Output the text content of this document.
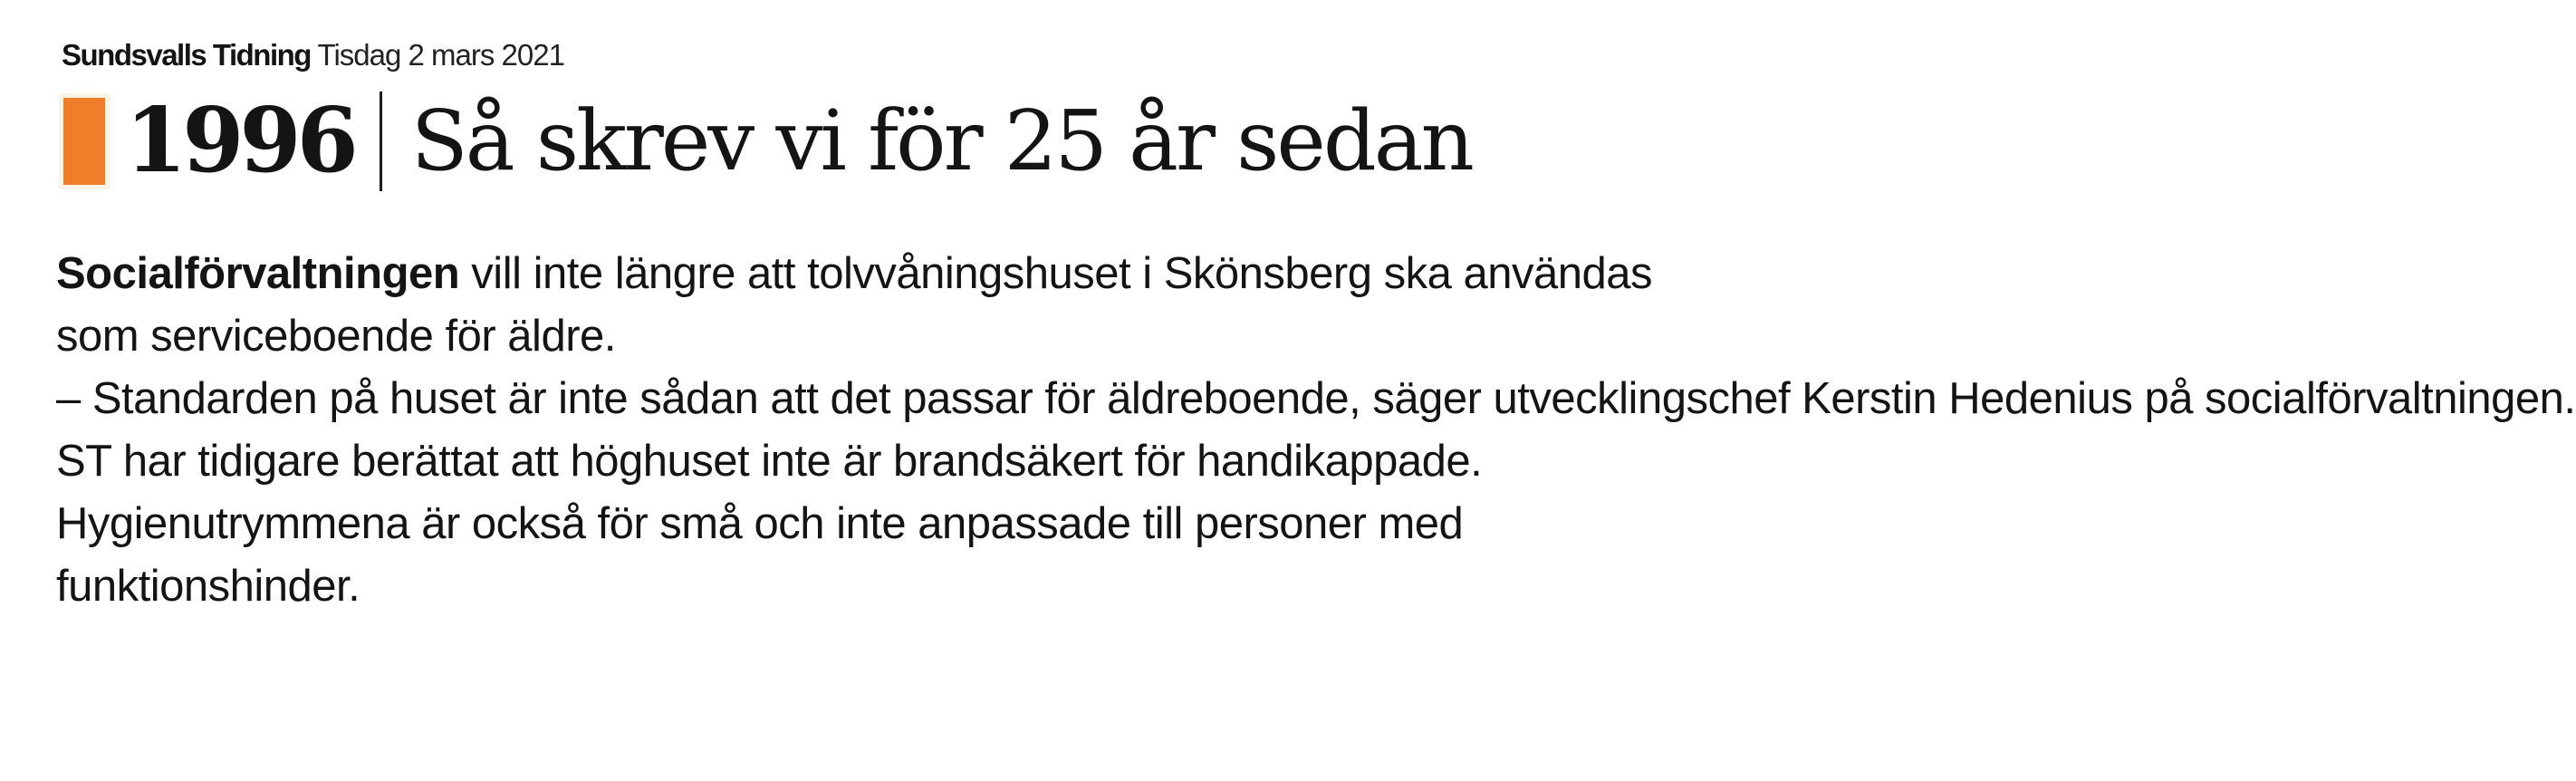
Sundsvalls Tidning Tisdag 2 mars 2021
1996 Så skrev vi för 25 år sedan

Socialförvaltningen vill inte längre att tolvvåningshuset i Skönsberg ska användas som serviceboende för äldre.
– Standarden på huset är inte sådan att det passar för äldreboende, säger utvecklingschef Kerstin Hedenius på socialförvaltningen.
ST har tidigare berättat att höghuset inte är brandsäkert för handikappade.
Hygienutrymmena är också för små och inte anpassade till personer med funktionshinder.
